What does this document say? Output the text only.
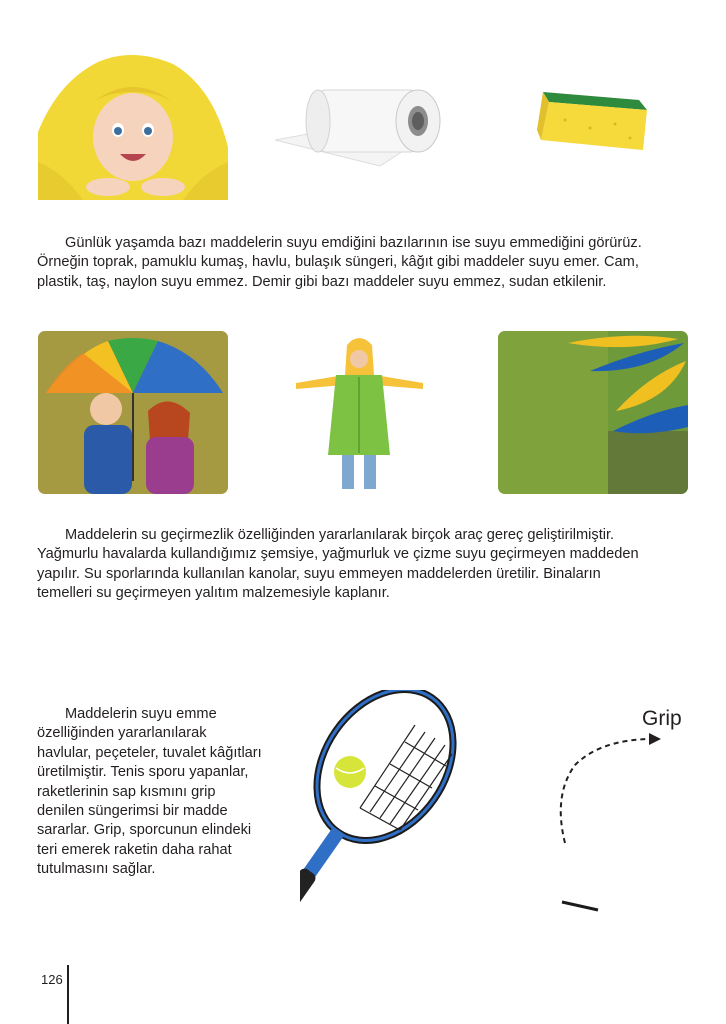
Günlük yaşamda bazı maddelerin suyu emdiğini bazılarının ise suyu emmediğini görürüz.
Örneğin toprak, pamuklu kumaş, havlu, bulaşık süngeri, kâğıt gibi maddeler suyu emer. Cam,
plastik, taş, naylon suyu emmez. Demir gibi bazı maddeler suyu emmez, sudan etkilenir.

Maddelerin su geçirmezlik özelliğinden yararlanılarak birçok araç gereç geliştirilmiştir.
Yağmurlu havalarda kullandığımız şemsiye, yağmurluk ve çizme suyu geçirmeyen maddeden
yapılır. Su sporlarında kullanılan kanolar, suyu emmeyen maddelerden üretilir. Binaların
temelleri su geçirmeyen yalıtım malzemesiyle kaplanır.

Maddelerin suyu emme
özelliğinden yararlanılarak
havlular, peçeteler, tuvalet kâğıtları
üretilmiştir. Tenis sporu yapanlar,
raketlerinin sap kısmını grip
denilen süngerimsi bir madde
sararlar. Grip, sporcunun elindeki
teri emerek raketin daha rahat
tutulmasını sağlar.

Grip
126
